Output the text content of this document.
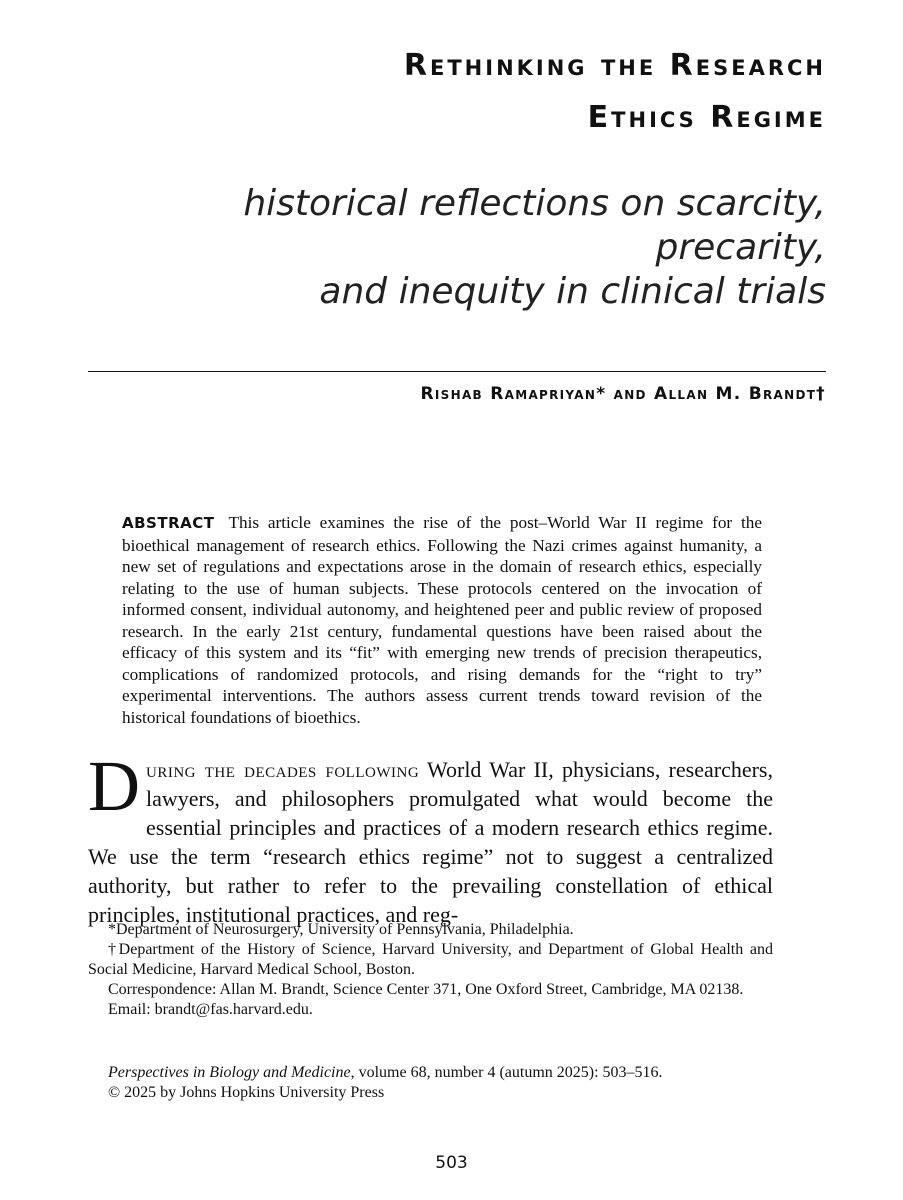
Rethinking the Research
Ethics Regime
historical reflections on scarcity, precarity,
and inequity in clinical trials
Rishab Ramapriyan* and Allan M. Brandt†

ABSTRACT This article examines the rise of the post–World War II regime for the bioethical management of research ethics. Following the Nazi crimes against humanity, a new set of regulations and expectations arose in the domain of research ethics, especially relating to the use of human subjects. These protocols centered on the invocation of informed consent, individual autonomy, and heightened peer and public review of proposed research. In the early 21st century, fundamental questions have been raised about the efficacy of this system and its “fit” with emerging new trends of precision therapeutics, complications of randomized protocols, and rising demands for the “right to try” experimental interventions. The authors assess current trends toward revision of the historical foundations of bioethics.

During the decades following World War II, physicians, researchers, lawyers, and philosophers promulgated what would become the essential principles and practices of a modern research ethics regime. We use the term “research ethics regime” not to suggest a centralized authority, but rather to refer to the prevailing constellation of ethical principles, institutional practices, and reg-

*Department of Neurosurgery, University of Pennsylvania, Philadelphia.

†Department of the History of Science, Harvard University, and Department of Global Health and Social Medicine, Harvard Medical School, Boston.

Correspondence: Allan M. Brandt, Science Center 371, One Oxford Street, Cambridge, MA 02138.

Email: brandt@fas.harvard.edu.

Perspectives in Biology and Medicine, volume 68, number 4 (autumn 2025): 503–516.
© 2025 by Johns Hopkins University Press
503
